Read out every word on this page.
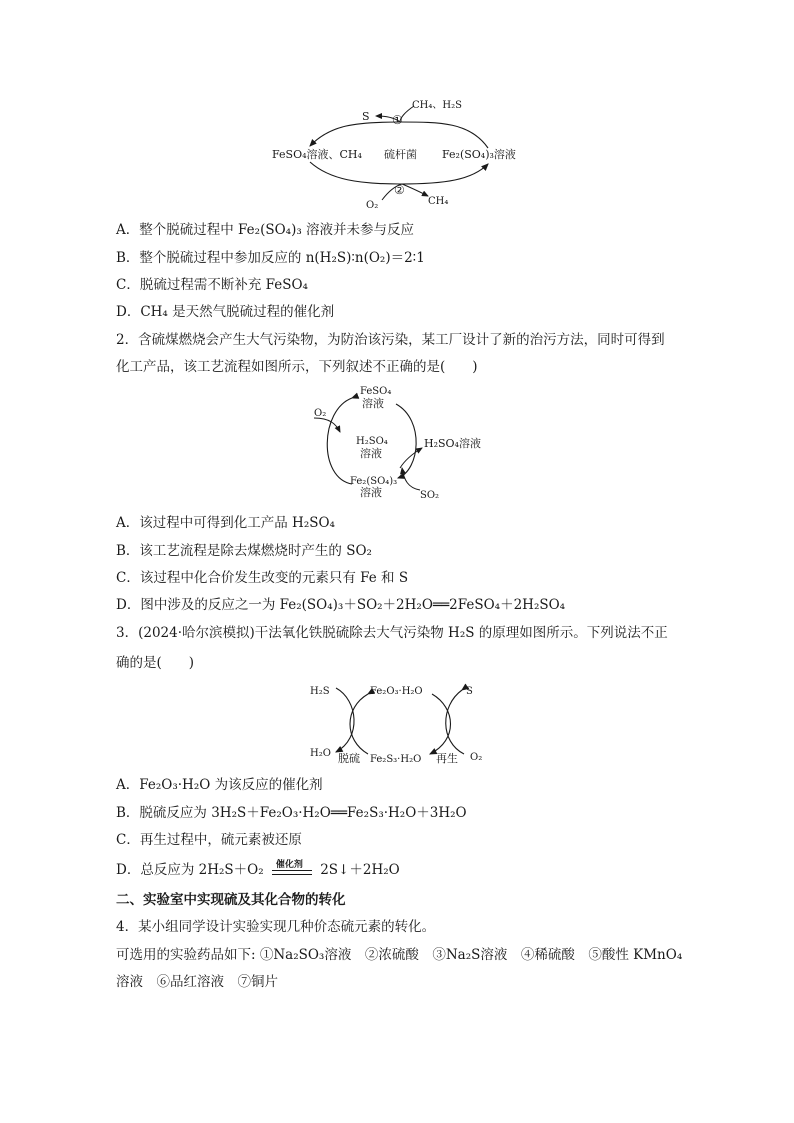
S ①
CH₄、H₂S
FeSO₄溶液、CH₄ 硫杆菌 Fe₂(SO₄)₃溶液
②
O₂	CH₄
A．整个脱硫过程中 Fe₂(SO₄)₃ 溶液并未参与反应
B．整个脱硫过程中参加反应的 n(H₂S)∶n(O₂)＝2∶1
C．脱硫过程需不断补充 FeSO₄
D．CH₄ 是天然气脱硫过程的催化剂
2．含硫煤燃烧会产生大气污染物，为防治该污染，某工厂设计了新的治污方法，同时可得到
化工产品，该工艺流程如图所示，下列叙述不正确的是(　　)
FeSO₄
溶液
O₂
H₂SO₄
溶液
H₂SO₄溶液
Fe₂(SO₄)₃
溶液	SO₂
A．该过程中可得到化工产品 H₂SO₄
B．该工艺流程是除去煤燃烧时产生的 SO₂
C．该过程中化合价发生改变的元素只有 Fe 和 S
D．图中涉及的反应之一为 Fe₂(SO₄)₃＋SO₂＋2H₂O══2FeSO₄＋2H₂SO₄
3．(2024·哈尔滨模拟)干法氧化铁脱硫除去大气污染物 H₂S 的原理如图所示。下列说法不正
确的是(　　)
H₂S	Fe₂O₃·H₂O	S
H₂O 脱硫 Fe₂S₃·H₂O 再生 O₂
A．Fe₂O₃·H₂O 为该反应的催化剂
B．脱硫反应为 3H₂S＋Fe₂O₃·H₂O══Fe₂S₃·H₂O＋3H₂O
C．再生过程中，硫元素被还原
D．总反应为 2H₂S＋O₂ 催化剂 2S↓＋2H₂O
二、实验室中实现硫及其化合物的转化
4．某小组同学设计实验实现几种价态硫元素的转化。
可选用的实验药品如下: ①Na₂SO₃溶液　②浓硫酸　③Na₂S溶液　④稀硫酸　⑤酸性 KMnO₄
溶液　⑥品红溶液　⑦铜片
